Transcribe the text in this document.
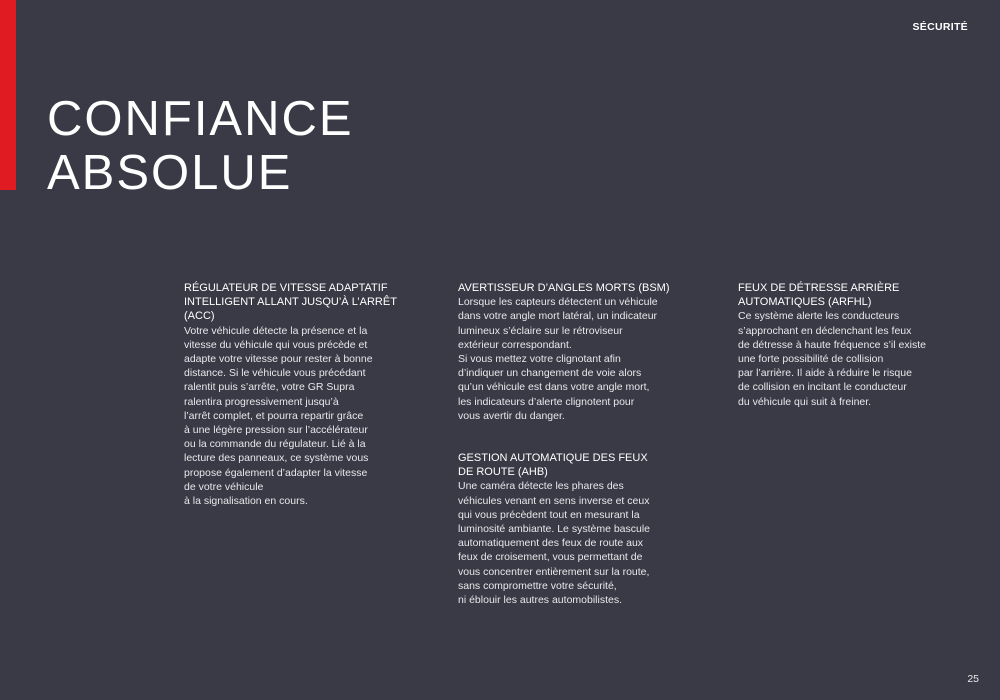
SÉCURITÉ
CONFIANCE
ABSOLUE
RÉGULATEUR DE VITESSE ADAPTATIF
INTELLIGENT ALLANT JUSQU’À L’ARRÊT
(ACC)

Votre véhicule détecte la présence et la
vitesse du véhicule qui vous précède et
adapte votre vitesse pour rester à bonne
distance. Si le véhicule vous précédant
ralentit puis s’arrête, votre GR Supra
ralentira progressivement jusqu’à
l’arrêt complet, et pourra repartir grâce
à une légère pression sur l’accélérateur
ou la commande du régulateur. Lié à la
lecture des panneaux, ce système vous
propose également d’adapter la vitesse
de votre véhicule
à la signalisation en cours.

AVERTISSEUR D’ANGLES MORTS (BSM)

Lorsque les capteurs détectent un véhicule
dans votre angle mort latéral, un indicateur
lumineux s’éclaire sur le rétroviseur
extérieur correspondant.
Si vous mettez votre clignotant afin
d’indiquer un changement de voie alors
qu’un véhicule est dans votre angle mort,
les indicateurs d’alerte clignotent pour
vous avertir du danger.

GESTION AUTOMATIQUE DES FEUX
DE ROUTE (AHB)

Une caméra détecte les phares des
véhicules venant en sens inverse et ceux
qui vous précèdent tout en mesurant la
luminosité ambiante. Le système bascule
automatiquement des feux de route aux
feux de croisement, vous permettant de
vous concentrer entièrement sur la route,
sans compromettre votre sécurité,
ni éblouir les autres automobilistes.

FEUX DE DÉTRESSE ARRIÈRE
AUTOMATIQUES (ARFHL)

Ce système alerte les conducteurs
s’approchant en déclenchant les feux
de détresse à haute fréquence s’il existe
une forte possibilité de collision
par l’arrière. Il aide à réduire le risque
de collision en incitant le conducteur
du véhicule qui suit à freiner.

25
